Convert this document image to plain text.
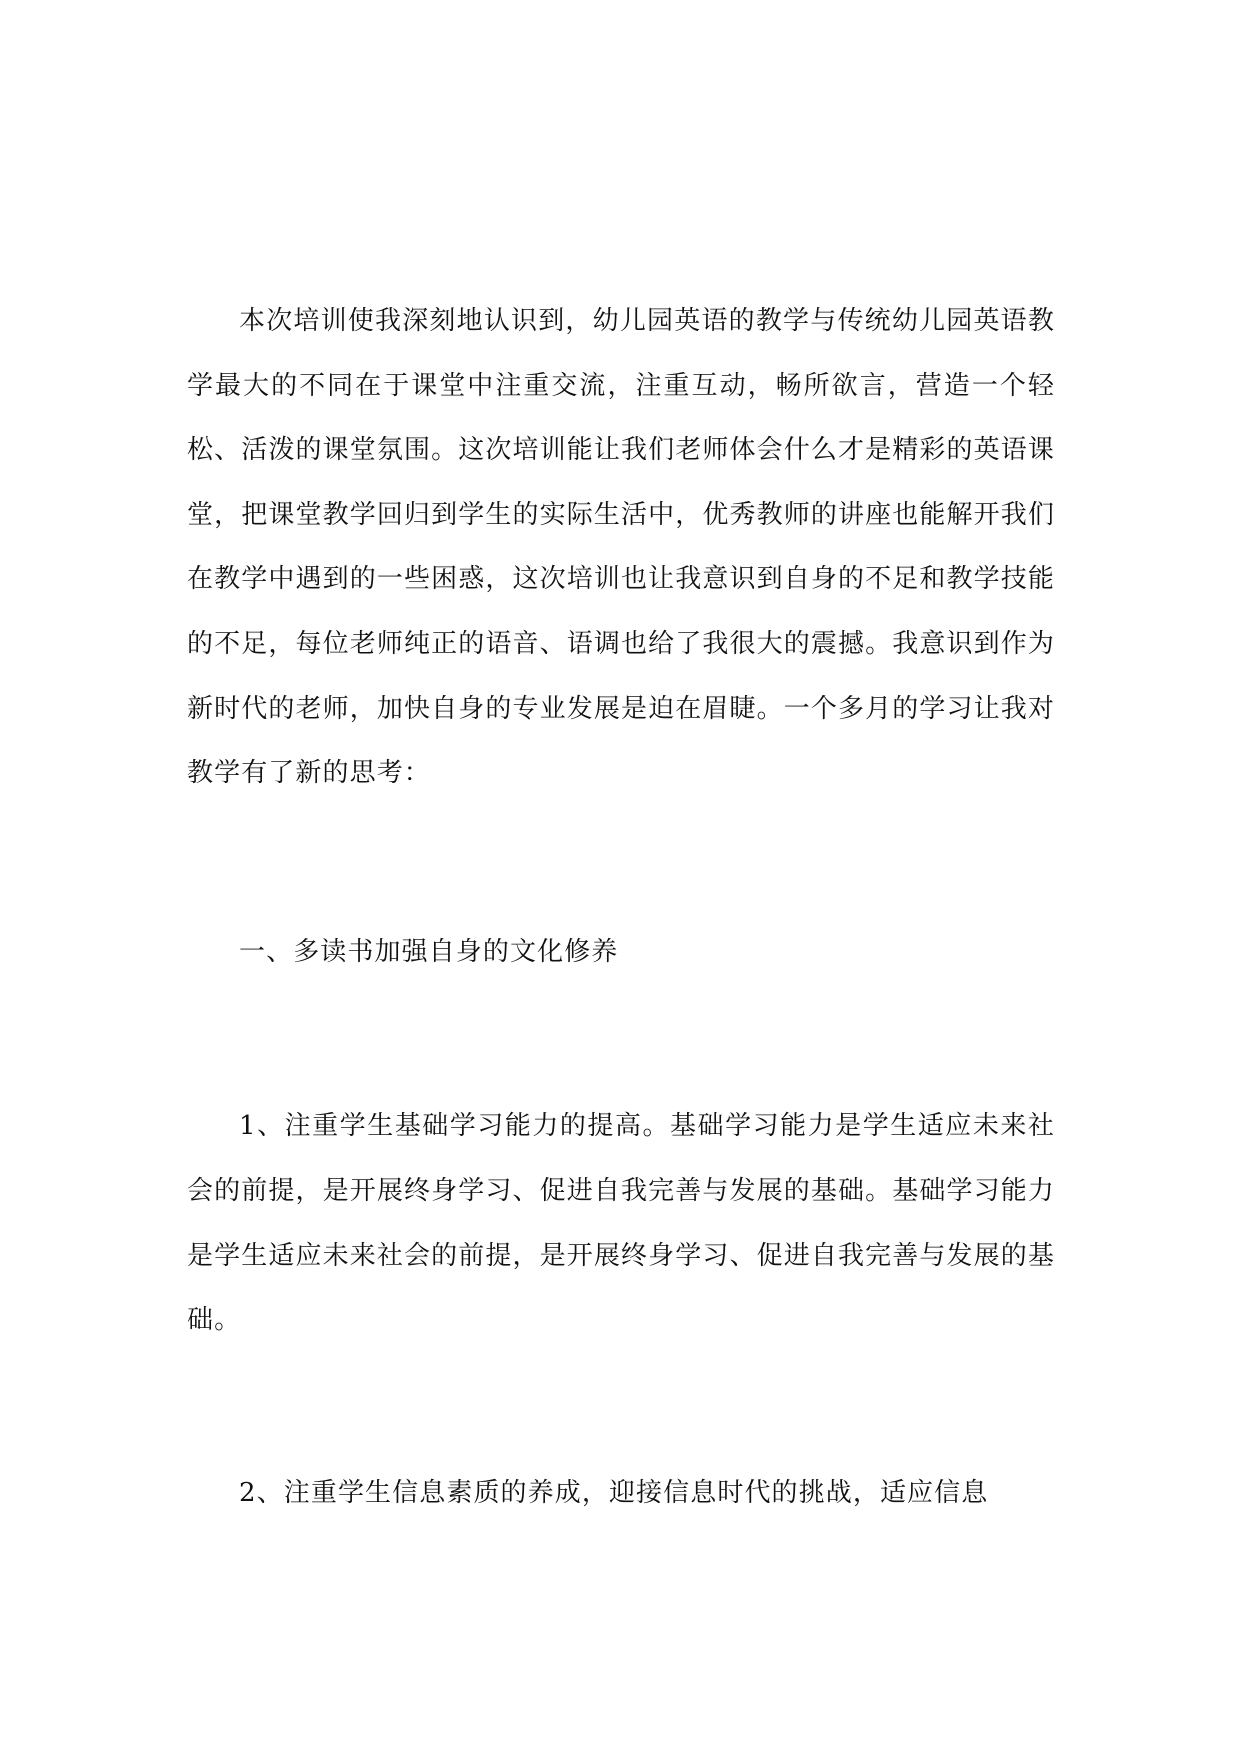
本次培训使我深刻地认识到，幼儿园英语的教学与传统幼儿园英语教学最大的不同在于课堂中注重交流，注重互动，畅所欲言，营造一个轻松、活泼的课堂氛围。这次培训能让我们老师体会什么才是精彩的英语课堂，把课堂教学回归到学生的实际生活中，优秀教师的讲座也能解开我们在教学中遇到的一些困惑，这次培训也让我意识到自身的不足和教学技能的不足，每位老师纯正的语音、语调也给了我很大的震撼。我意识到作为新时代的老师，加快自身的专业发展是迫在眉睫。一个多月的学习让我对教学有了新的思考：

一、多读书加强自身的文化修养

1、注重学生基础学习能力的提高。基础学习能力是学生适应未来社会的前提，是开展终身学习、促进自我完善与发展的基础。基础学习能力是学生适应未来社会的前提，是开展终身学习、促进自我完善与发展的基础。

2、注重学生信息素质的养成，迎接信息时代的挑战，适应信息
